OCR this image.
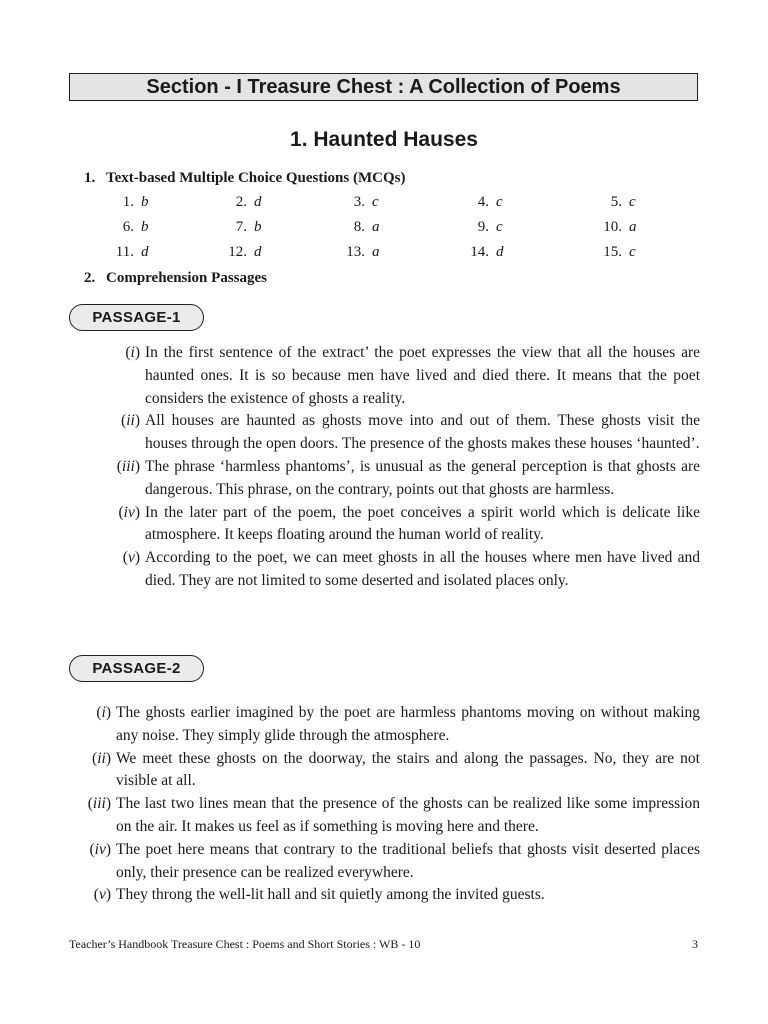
Section - I Treasure Chest : A Collection of Poems
1. Haunted Hauses
1. Text-based Multiple Choice Questions (MCQs)
1. b	2. d	3. c	4. c	5. c
6. b	7. b	8. a	9. c	10. a
11. d	12. d	13. a	14. d	15. c
2. Comprehension Passages
PASSAGE-1
(i) In the first sentence of the extract’ the poet expresses the view that all the houses are haunted ones. It is so because men have lived and died there. It means that the poet considers the existence of ghosts a reality.
(ii) All houses are haunted as ghosts move into and out of them. These ghosts visit the houses through the open doors. The presence of the ghosts makes these houses ‘haunted’.
(iii) The phrase ‘harmless phantoms’, is unusual as the general perception is that ghosts are dangerous. This phrase, on the contrary, points out that ghosts are harmless.
(iv) In the later part of the poem, the poet conceives a spirit world which is delicate like atmosphere. It keeps floating around the human world of reality.
(v) According to the poet, we can meet ghosts in all the houses where men have lived and died. They are not limited to some deserted and isolated places only.
PASSAGE-2
(i) The ghosts earlier imagined by the poet are harmless phantoms moving on without making any noise. They simply glide through the atmosphere.
(ii) We meet these ghosts on the doorway, the stairs and along the passages. No, they are not visible at all.
(iii) The last two lines mean that the presence of the ghosts can be realized like some impression on the air. It makes us feel as if something is moving here and there.
(iv) The poet here means that contrary to the traditional beliefs that ghosts visit deserted places only, their presence can be realized everywhere.
(v) They throng the well-lit hall and sit quietly among the invited guests.
Teacher’s Handbook Treasure Chest : Poems and Short Stories : WB - 10	3
